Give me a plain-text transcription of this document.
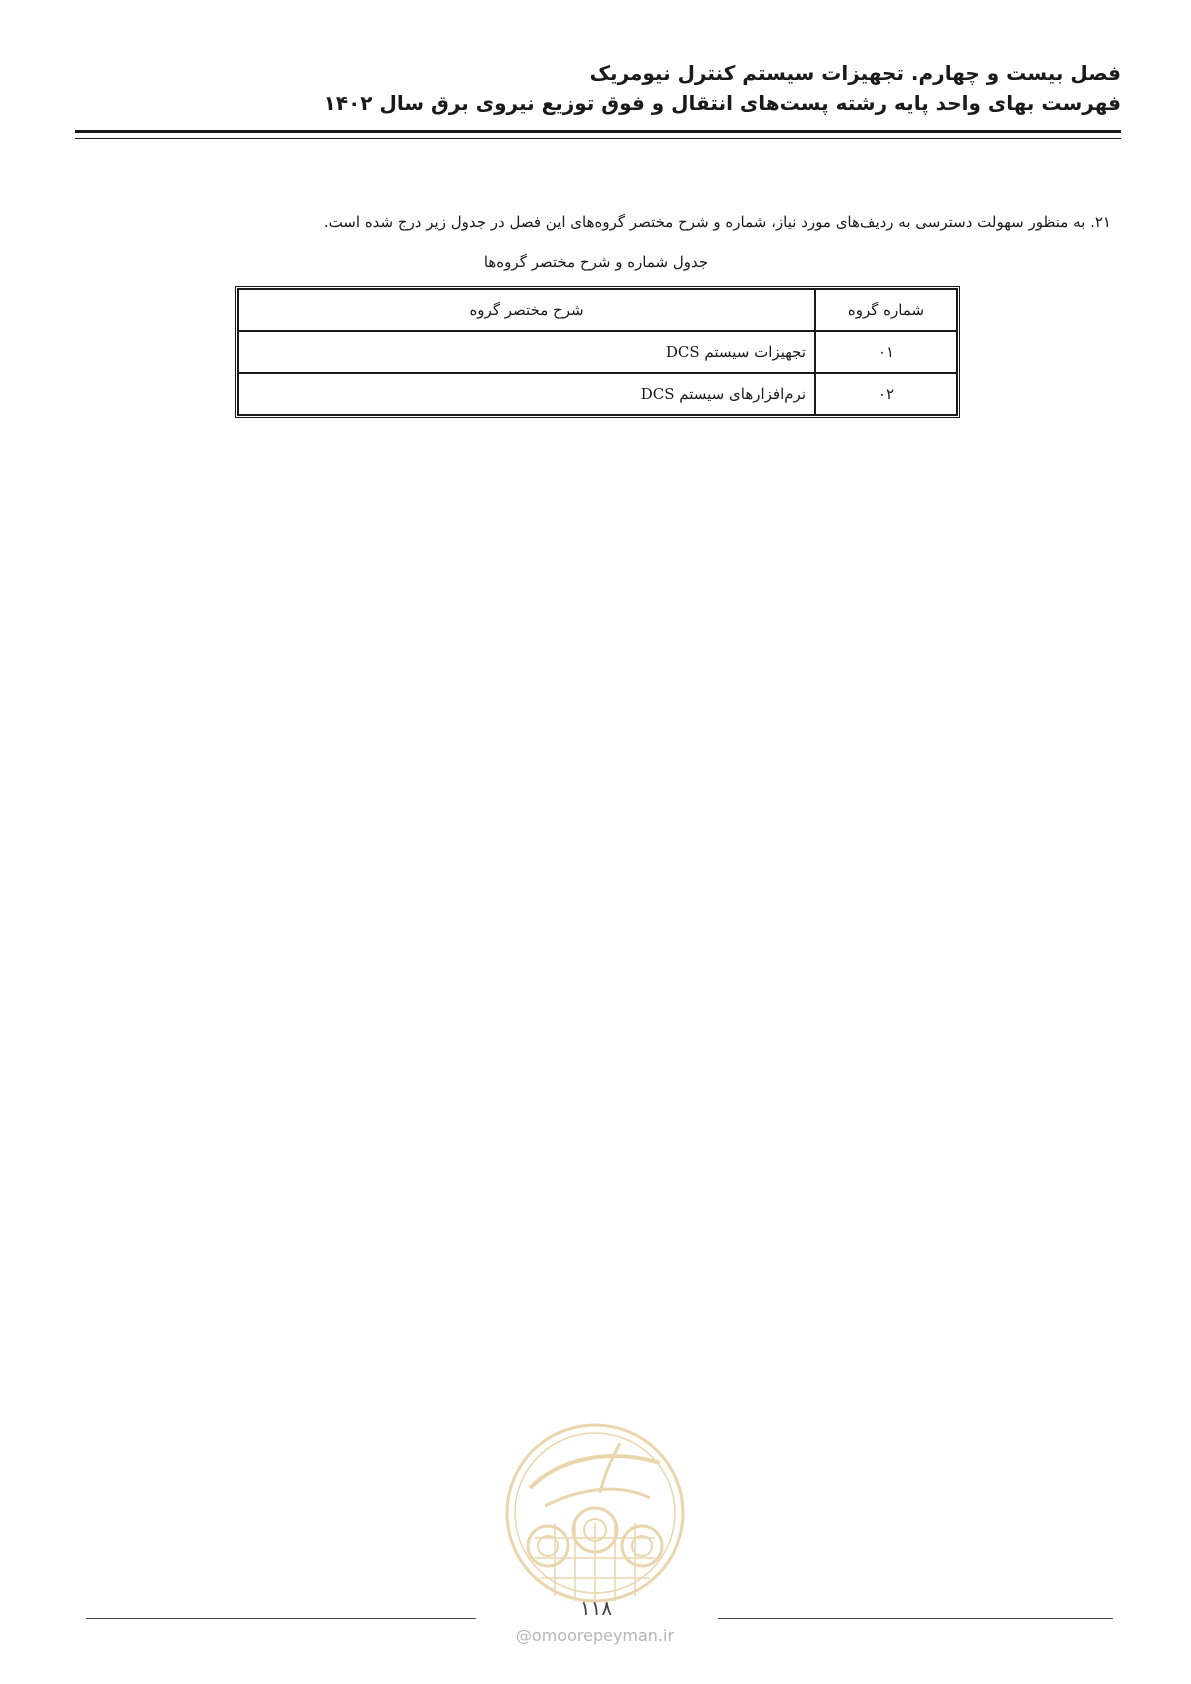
فصل بیست و چهارم. تجهیزات سیستم کنترل نیومریک
فهرست بهای واحد پایه رشته پست‌های انتقال و فوق توزیع نیروی برق سال ۱۴۰۲
۲۱. به منظور سهولت دسترسی به ردیف‌های مورد نیاز، شماره و شرح مختصر گروه‌های این فصل در جدول زیر درج شده است.
جدول شماره و شرح مختصر گروه‌ها
شماره گروه	شرح مختصر گروه
۰۱	تجهیزات سیستم DCS
۰۲	نرم‌افزارهای سیستم DCS
۱۱۸
@omoorepeyman.ir
